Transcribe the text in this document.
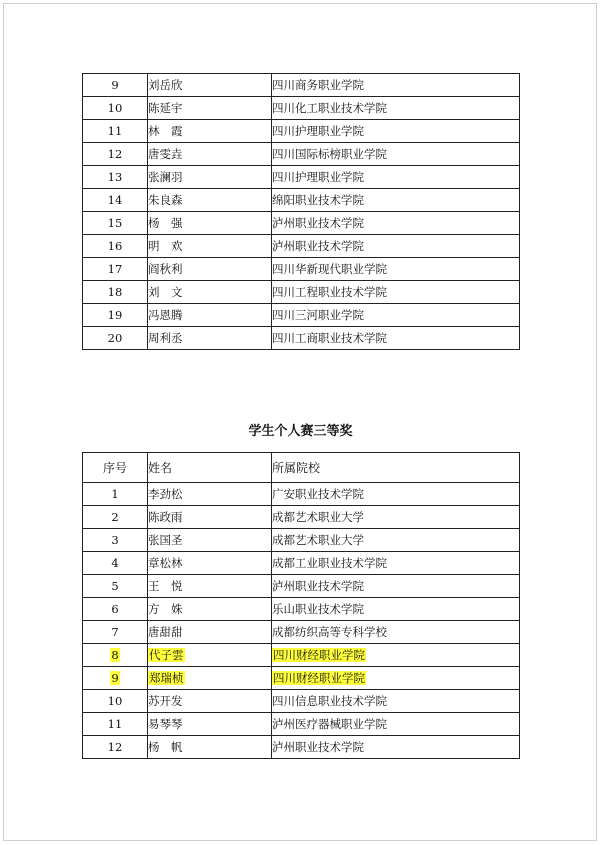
9	刘岳欣	四川商务职业学院
10	陈延宇	四川化工职业技术学院
11	林　霞	四川护理职业学院
12	唐雯垚	四川国际标榜职业学院
13	张澜羽	四川护理职业学院
14	朱良森	绵阳职业技术学院
15	杨　强	泸州职业技术学院
16	明　欢	泸州职业技术学院
17	阎秋利	四川华新现代职业学院
18	刘　文	四川工程职业技术学院
19	冯恩腾	四川三河职业学院
20	周利丞	四川工商职业技术学院
学生个人赛三等奖
序号	姓名	所属院校
1	李劲松	广安职业技术学院
2	陈政雨	成都艺术职业大学
3	张国圣	成都艺术职业大学
4	章松林	成都工业职业技术学院
5	王　悦	泸州职业技术学院
6	方　姝	乐山职业技术学院
7	唐甜甜	成都纺织高等专科学校
8	代子雲	四川财经职业学院
9	郑瑞桢	四川财经职业学院
10	苏开发	四川信息职业技术学院
11	易琴琴	泸州医疗器械职业学院
12	杨　帆	泸州职业技术学院
